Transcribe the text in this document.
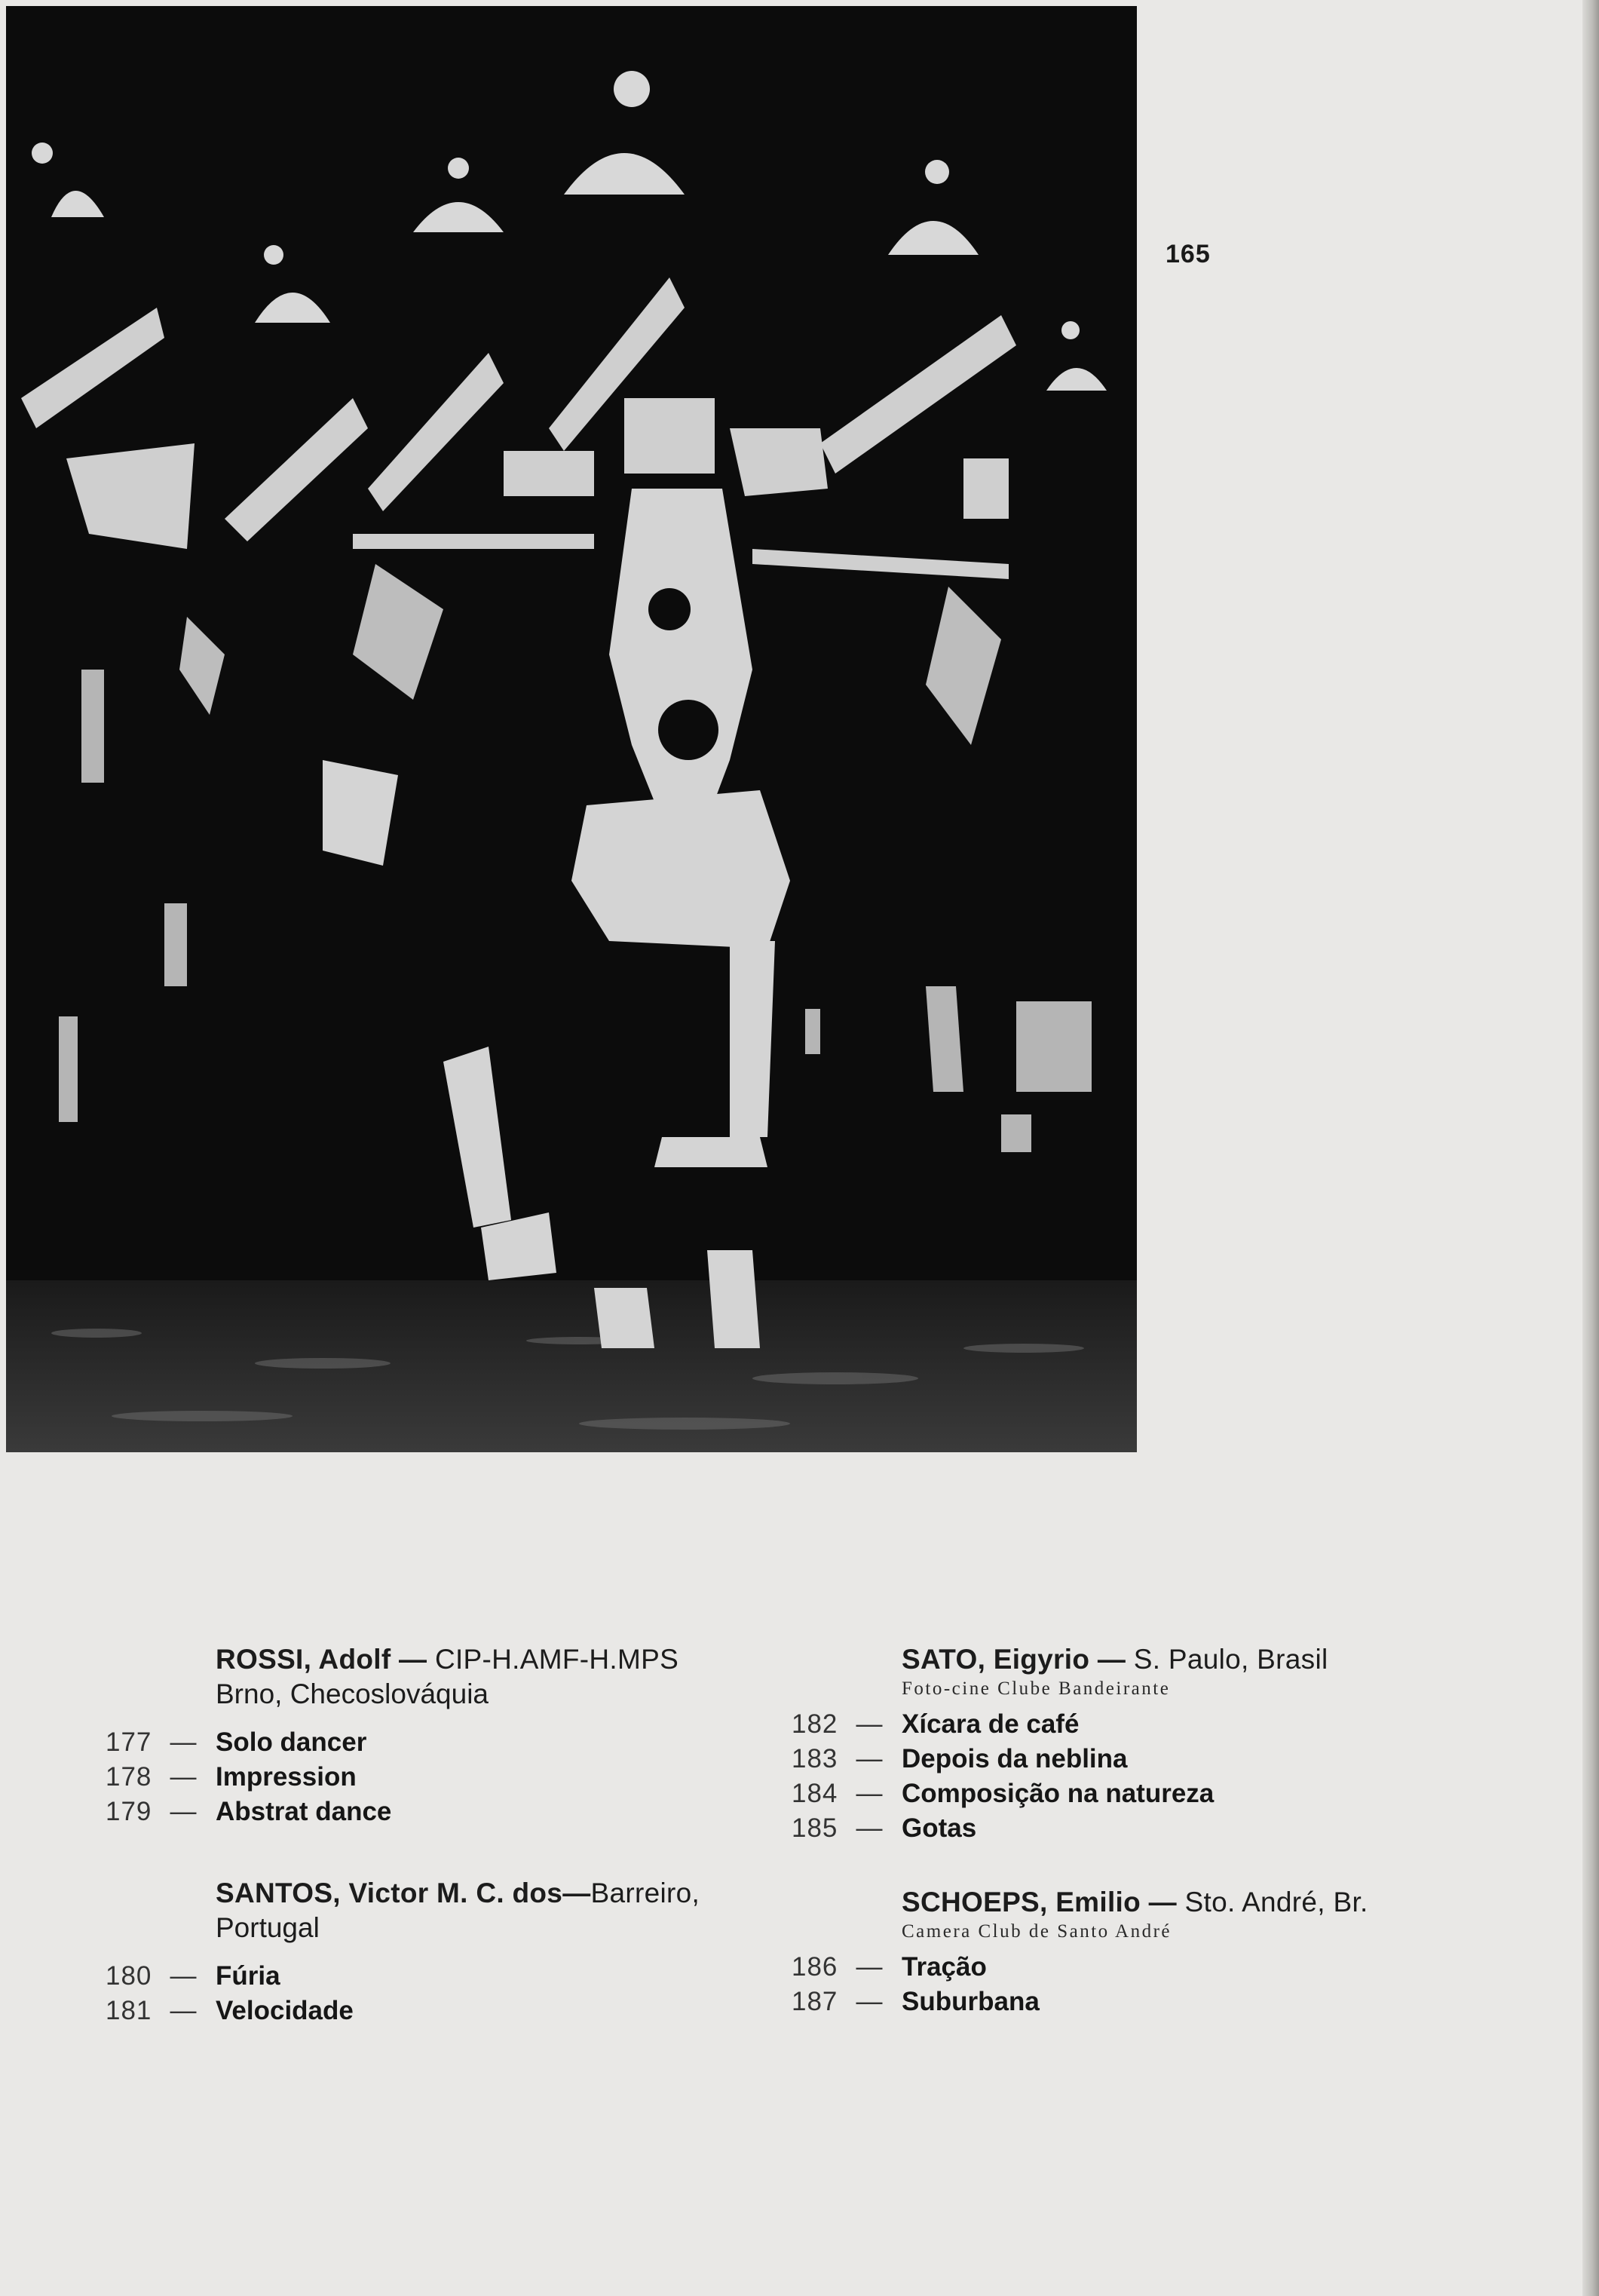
165
ROSSI, Adolf — CIP-H.AMF-H.MPS
Brno, Checoslováquia
177 — Solo dancer
178 — Impression
179 — Abstrat dance
SANTOS, Victor M. C. dos—Barreiro,
Portugal
180 — Fúria
181 — Velocidade
SATO, Eigyrio — S. Paulo, Brasil
Foto-cine Clube Bandeirante
182 — Xícara de café
183 — Depois da neblina
184 — Composição na natureza
185 — Gotas
SCHOEPS, Emilio — Sto. André, Br.
Camera Club de Santo André
186 — Tração
187 — Suburbana
